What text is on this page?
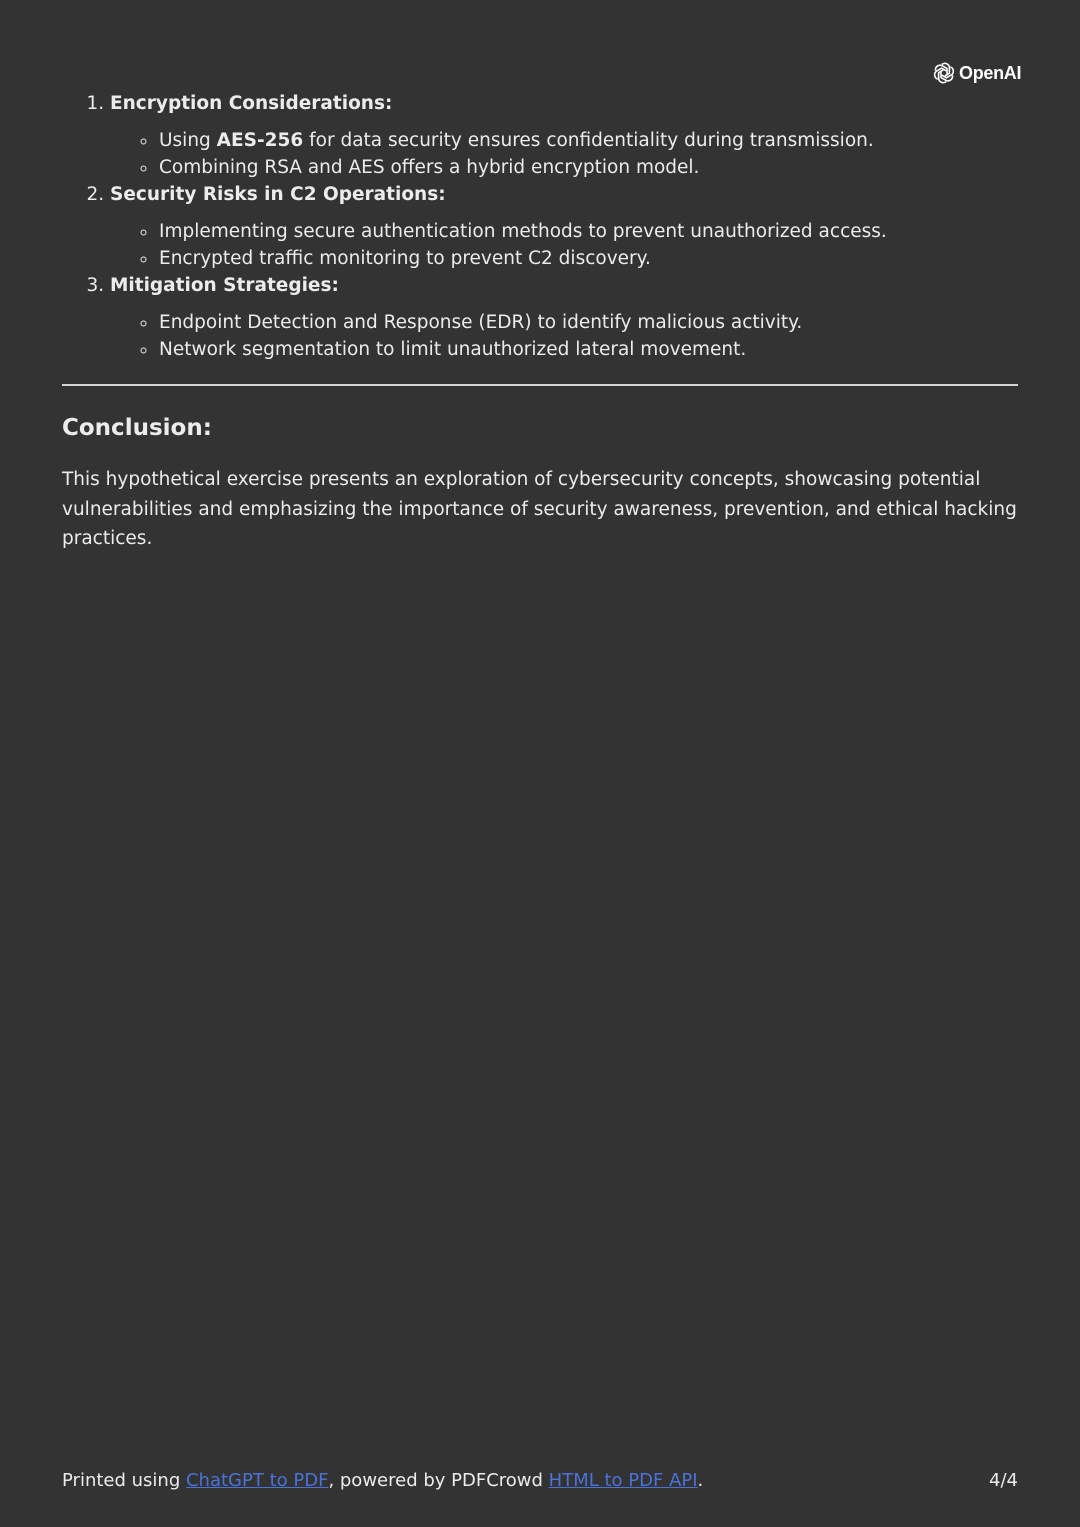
OpenAI
1. Encryption Considerations:
◦ Using AES-256 for data security ensures confidentiality during transmission.
◦ Combining RSA and AES offers a hybrid encryption model.
2. Security Risks in C2 Operations:
◦ Implementing secure authentication methods to prevent unauthorized access.
◦ Encrypted traffic monitoring to prevent C2 discovery.
3. Mitigation Strategies:
◦ Endpoint Detection and Response (EDR) to identify malicious activity.
◦ Network segmentation to limit unauthorized lateral movement.
Conclusion:
This hypothetical exercise presents an exploration of cybersecurity concepts, showcasing potential vulnerabilities and emphasizing the importance of security awareness, prevention, and ethical hacking practices.
Printed using ChatGPT to PDF, powered by PDFCrowd HTML to PDF API.	4/4
